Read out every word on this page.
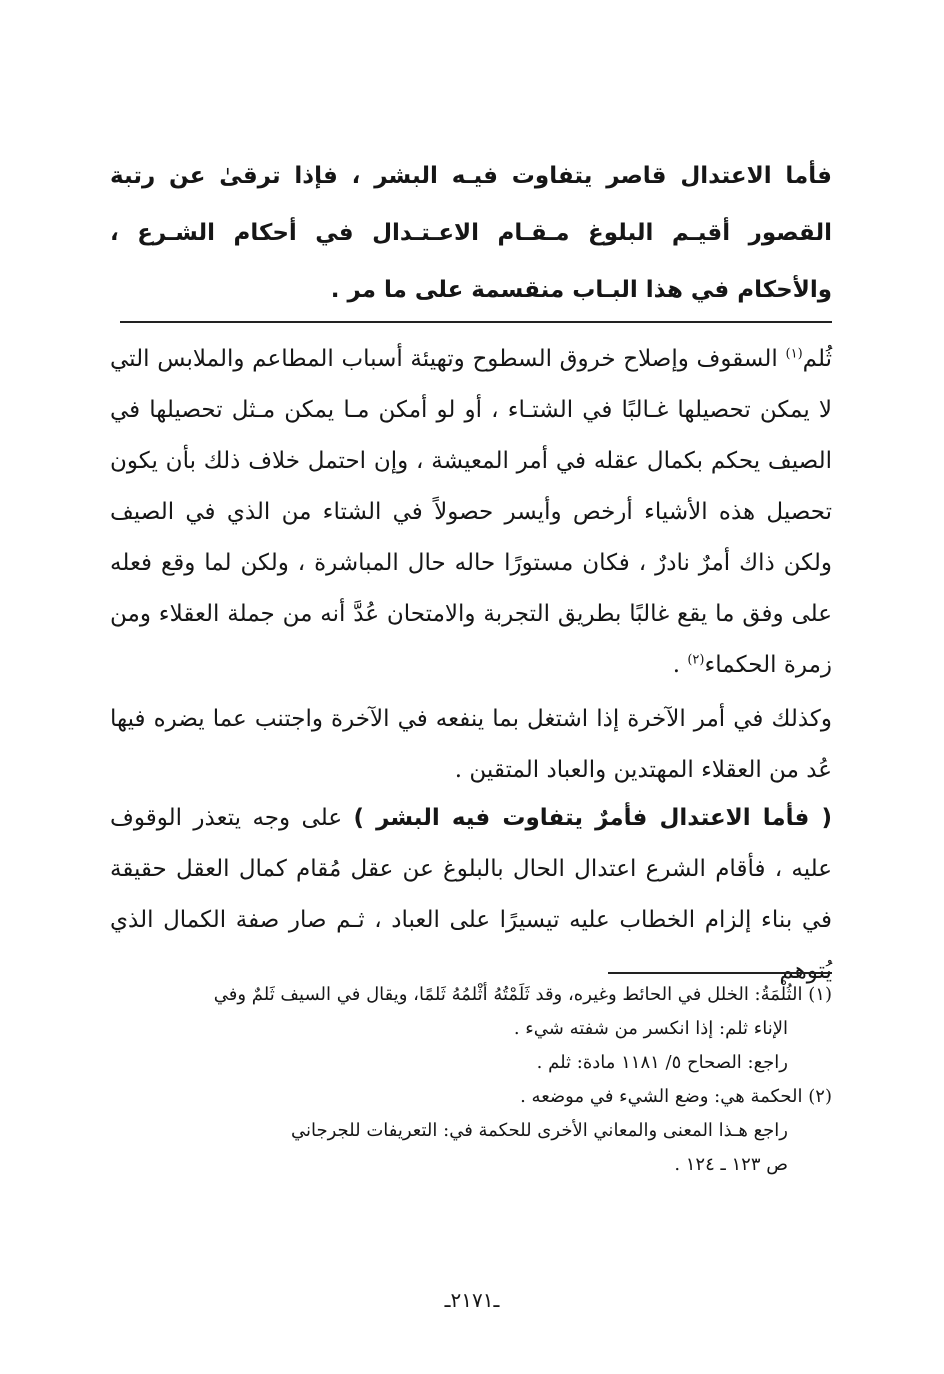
فأما الاعتدال قاصر يتفاوت فيـه البشر ، فإذا ترقىٰ عن رتبة القصور أقيـم البلوغ مـقـام الاعـتـدال في أحكام الشـرع ، والأحكام في هذا البـاب منقسمة على ما مر .
ثُلم$^{(١)}$ السقوف وإصلاح خروق السطوح وتهيئة أسباب المطاعم والملابس التي لا يمكن تحصيلها غـالبًا في الشتـاء ، أو لو أمكن مـا يمكن مـثل تحصيلها في الصيف يحكم بكمال عقله في أمر المعيشة ، وإن احتمل خلاف ذلك بأن يكون تحصيل هذه الأشياء أرخص وأيسر حصولاً في الشتاء من الذي في الصيف ولكن ذاك أمرٌ نادرٌ ، فكان مستورًا حاله حال المباشرة ، ولكن لما وقع فعله على وفق ما يقع غالبًا بطريق التجربة والامتحان عُدَّ أنه من جملة العقلاء ومن زمرة الحكماء$^{(٢)}$ .
وكذلك في أمر الآخرة إذا اشتغل بما ينفعه في الآخرة واجتنب عما يضره فيها عُد من العقلاء المهتدين والعباد المتقين .
( فأما الاعتدال فأمرٌ يتفاوت فيه البشر ) على وجه يتعذر الوقوف عليه ، فأقام الشرع اعتدال الحال بالبلوغ عن عقل مُقام كمال العقل حقيقة في بناء إلزام الخطاب عليه تيسيرًا على العباد ، ثـم صار صفة الكمال الذي يُتوهم
(١) الثُلْمَةُ: الخلل في الحائط وغيره، وقد ثَلَمْتُهُ أثْلمُهُ ثَلمًا، ويقال في السيف ثَلمٌ وفي
الإناء ثلم: إذا انكسر من شفته شيء .
راجع: الصحاح ٥/ ١١٨١ مادة: ثلم .
(٢) الحكمة هي: وضع الشيء في موضعه .
راجع هـذا المعنى والمعاني الأخرى للحكمة في: التعريفات للجرجاني
ص ١٢٣ ـ ١٢٤ .
ـ٢١٧١ـ
